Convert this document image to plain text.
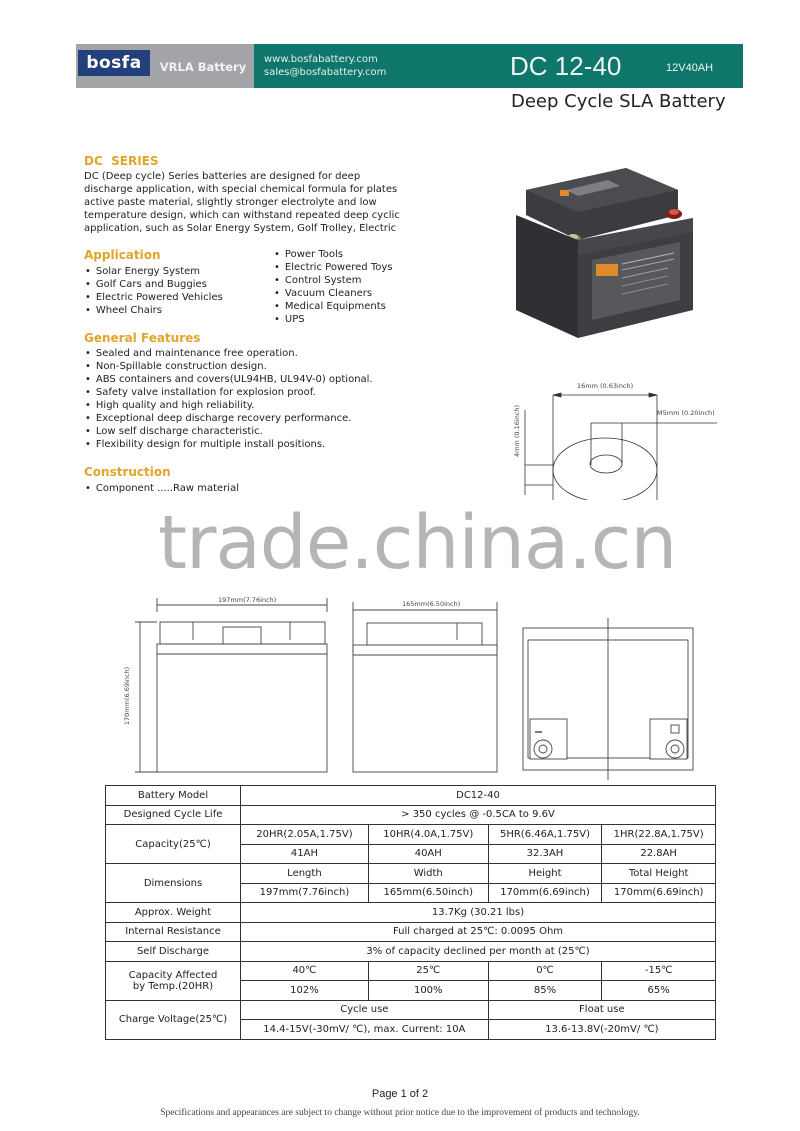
bosfa	VRLA Battery
www.bosfabattery.com
sales@bosfabattery.com	DC 12-40	12V40AH
Deep Cycle SLA Battery
DC  SERIES
DC (Deep cycle) Series batteries are designed for deep
discharge application, with special chemical formula for plates
active paste material, slightly stronger electrolyte and low
temperature design, which can withstand repeated deep cyclic
application, such as Solar Energy System, Golf Trolley, Electric
Application
• Solar Energy System
• Golf Cars and Buggies
• Electric Powered Vehicles
• Wheel Chairs
• Power Tools
• Electric Powered Toys
• Control System
• Vacuum Cleaners
• Medical Equipments
• UPS
General Features
• Sealed and maintenance free operation.
• Non-Spillable construction design.
• ABS containers and covers(UL94HB, UL94V-0) optional.
• Safety valve installation for explosion proof.
• High quality and high reliability.
• Exceptional deep discharge recovery performance.
• Low self discharge characteristic.
• Flexibility design for multiple install positions.
Construction
• Component .....Raw material

16mm (0.63inch)
M5mm (0.20inch)
4mm (0.16inch)
trade.china.cn
197mm(7.76inch)	165mm(6.50inch)
170mm(6.69inch)
Battery Model	DC12-40			
Designed Cycle Life	> 350 cycles @ -0.5CA to 9.6V			
Capacity(25℃)	20HR(2.05A,1.75V)	10HR(4.0A,1.75V)	5HR(6.46A,1.75V)	1HR(22.8A,1.75V)
	41AH	40AH	32.3AH	22.8AH
Dimensions	Length	Width	Height	Total Height
	197mm(7.76inch)	165mm(6.50inch)	170mm(6.69inch)	170mm(6.69inch)
Approx. Weight	13.7Kg (30.21 lbs)			
Internal Resistance	Full charged at 25℃: 0.0095 Ohm			
Self Discharge	3% of capacity declined per month at (25℃)			

Capacity Affected
by Temp.(20HR)	40℃	25℃	0℃	-15℃
	102%	100%	85%	65%
Charge Voltage(25℃)	Cycle use		Float use	
	14.4-15V(-30mV/ ℃), max. Current: 10A		13.6-13.8V(-20mV/ ℃)	
Page 1 of 2
Specifications and appearances are subject to change without prior notice due to the improvement of products and technology.
